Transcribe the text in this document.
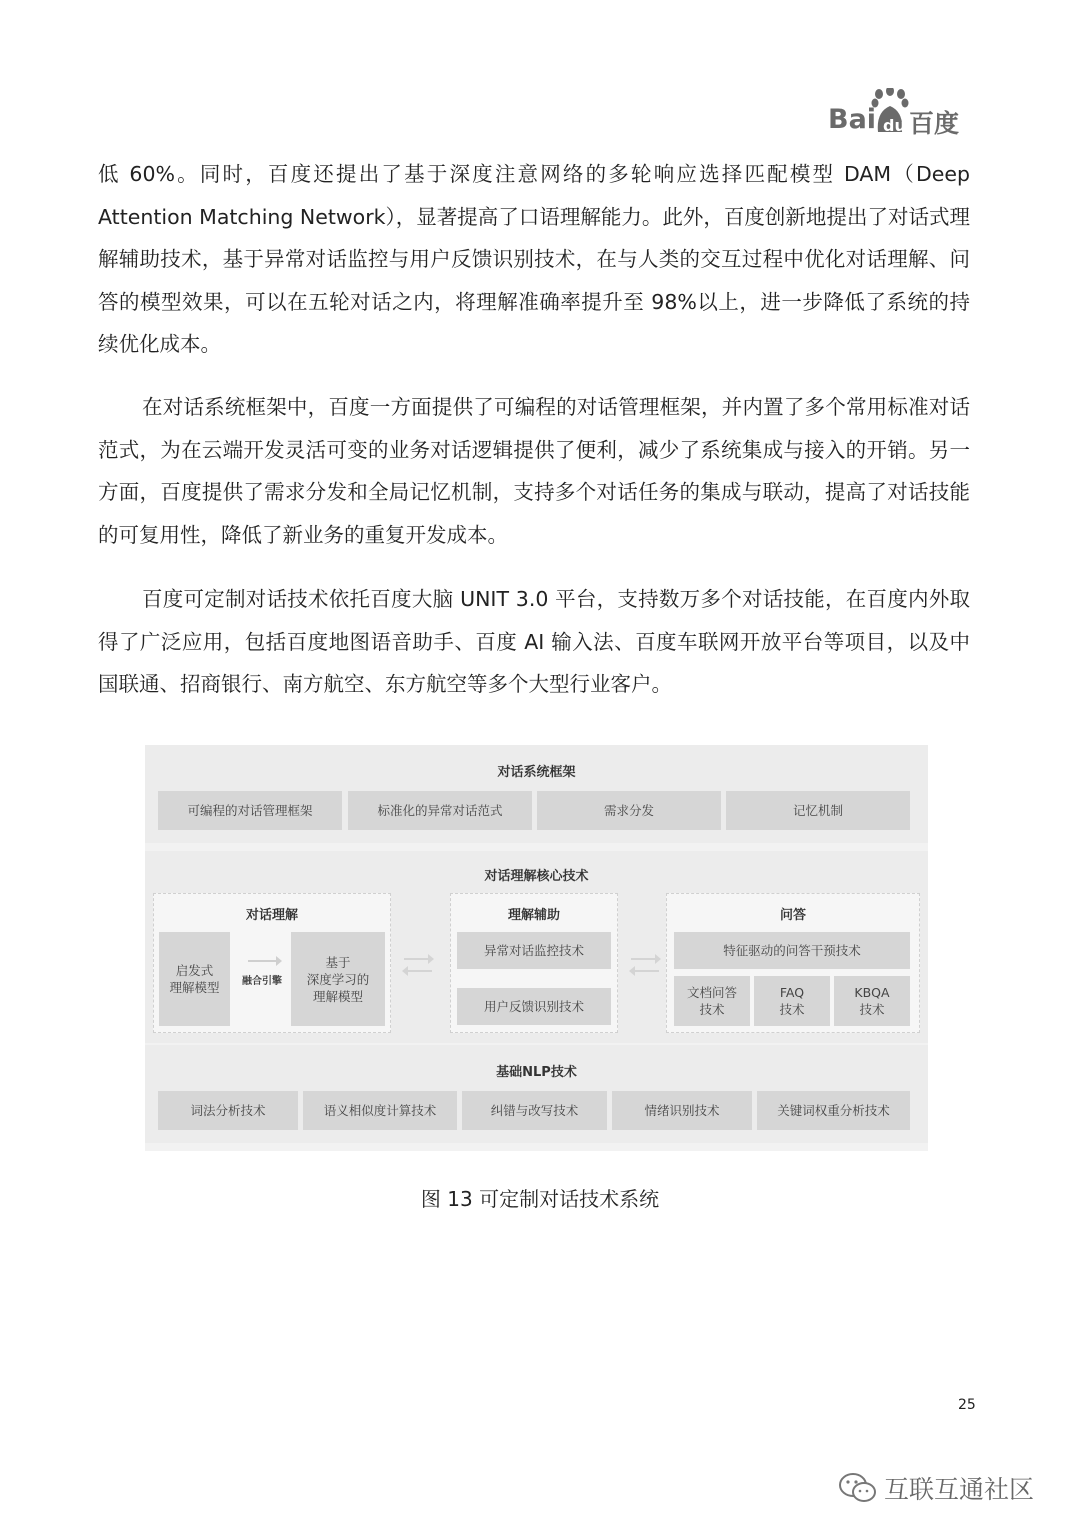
Bai du 百度

低 60%。同时，百度还提出了基于深度注意网络的多轮响应选择匹配模型 DAM（Deep Attention Matching Network），显著提高了口语理解能力。此外，百度创新地提出了对话式理解辅助技术，基于异常对话监控与用户反馈识别技术，在与人类的交互过程中优化对话理解、问答的模型效果，可以在五轮对话之内，将理解准确率提升至 98%以上，进一步降低了系统的持续优化成本。

在对话系统框架中，百度一方面提供了可编程的对话管理框架，并内置了多个常用标准对话范式，为在云端开发灵活可变的业务对话逻辑提供了便利，减少了系统集成与接入的开销。另一方面，百度提供了需求分发和全局记忆机制，支持多个对话任务的集成与联动，提高了对话技能的可复用性，降低了新业务的重复开发成本。

百度可定制对话技术依托百度大脑 UNIT 3.0 平台，支持数万多个对话技能，在百度内外取得了广泛应用，包括百度地图语音助手、百度 AI 输入法、百度车联网开放平台等项目，以及中国联通、招商银行、南方航空、东方航空等多个大型行业客户。

对话系统框架
可编程的对话管理框架	标准化的异常对话范式	需求分发	记忆机制
对话理解核心技术
对话理解
启发式
理解模型	融合引擎
基于
深度学习的
理解模型
理解辅助
异常对话监控技术
用户反馈识别技术
问答
特征驱动的问答干预技术
文档问答
技术
FAQ
技术
KBQA
技术
基础NLP技术
词法分析技术	语义相似度计算技术	纠错与改写技术	情绪识别技术	关键词权重分析技术
图 13 可定制对话技术系统
25
互联互通社区
